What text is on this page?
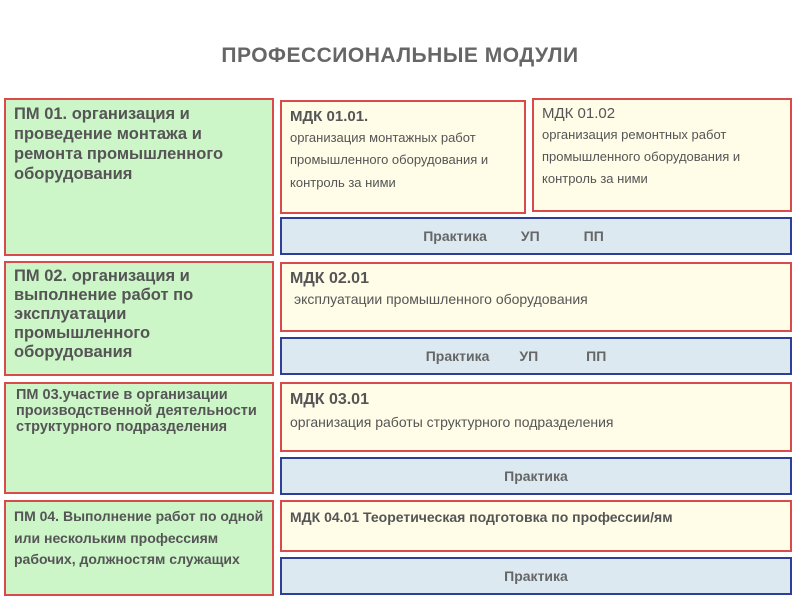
ПРОФЕССИОНАЛЬНЫЕ МОДУЛИ
ПМ 01. организация и проведение монтажа и ремонта промышленного оборудования
МДК 01.01.
организация монтажных работ промышленного оборудования и контроль за ними
МДК 01.02
организация ремонтных работ промышленного оборудования и контроль за ними
Практика УП	ПП
ПМ 02. организация и выполнение работ по эксплуатации промышленного оборудования
МДК 02.01
эксплуатации промышленного оборудования
Практика УП	ПП
ПМ 03.участие в организации производственной деятельности структурного подразделения
МДК 03.01
организация работы структурного подразделения
Практика
ПМ 04. Выполнение работ по одной или нескольким профессиям рабочих, должностям служащих
МДК 04.01 Теоретическая подготовка по профессии/ям
Практика
